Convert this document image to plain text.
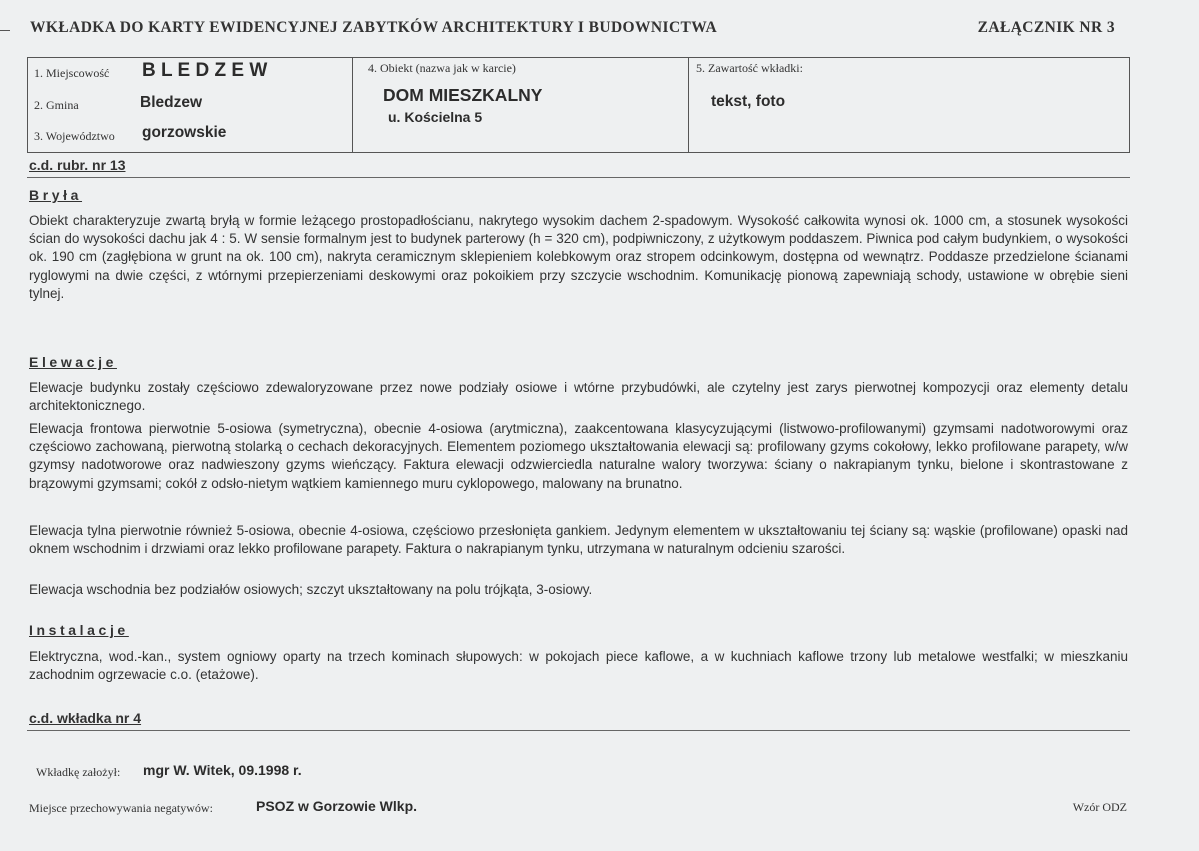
WKŁADKA DO KARTY EWIDENCYJNEJ ZABYTKÓW ARCHITEKTURY I BUDOWNICTWA	ZAŁĄCZNIK NR 3
1. Miejscowość B L E D Z E W
2. Gmina	Bledzew
3. Województwo gorzowskie
4. Obiekt (nazwa jak w karcie)
DOM MIESZKALNY
u. Kościelna 5
5. Zawartość wkładki:
tekst, foto
c.d. rubr. nr 13
Bryła

Obiekt charakteryzuje zwartą bryłą w formie leżącego prostopadłościanu, nakrytego wysokim dachem 2-spadowym. Wysokość całkowita wynosi ok. 1000 cm, a stosunek wysokości ścian do wysokości dachu jak 4 : 5. W sensie formalnym jest to budynek parterowy (h = 320 cm), podpiwniczony, z użytkowym poddaszem. Piwnica pod całym budynkiem, o wysokości ok. 190 cm (zagłębiona w grunt na ok. 100 cm), nakryta ceramicznym sklepieniem kolebkowym oraz stropem odcinkowym, dostępna od wewnątrz. Poddasze przedzielone ścianami ryglowymi na dwie części, z wtórnymi przepierzeniami deskowymi oraz pokoikiem przy szczycie wschodnim. Komunikację pionową zapewniają schody, ustawione w obrębie sieni tylnej.

Elewacje

Elewacje budynku zostały częściowo zdewaloryzowane przez nowe podziały osiowe i wtórne przybudówki, ale czytelny jest zarys pierwotnej kompozycji oraz elementy detalu architektonicznego.

Elewacja frontowa pierwotnie 5-osiowa (symetryczna), obecnie 4-osiowa (arytmiczna), zaakcentowana klasycyzującymi (listwowo-profilowanymi) gzymsami nadotworowymi oraz częściowo zachowaną, pierwotną stolarką o cechach dekoracyjnych. Elementem poziomego ukształtowania elewacji są: profilowany gzyms cokołowy, lekko profilowane parapety, w/w gzymsy nadotworowe oraz nadwieszony gzyms wieńczący. Faktura elewacji odzwierciedla naturalne walory tworzywa: ściany o nakrapianym tynku, bielone i skontrastowane z brązowymi gzymsami; cokół z odsło-nietym wątkiem kamiennego muru cyklopowego, malowany na brunatno.

Elewacja tylna pierwotnie również 5-osiowa, obecnie 4-osiowa, częściowo przesłonięta gankiem. Jedynym elementem w ukształtowaniu tej ściany są: wąskie (profilowane) opaski nad oknem wschodnim i drzwiami oraz lekko profilowane parapety. Faktura o nakrapianym tynku, utrzymana w naturalnym odcieniu szarości.

Elewacja wschodnia bez podziałów osiowych; szczyt ukształtowany na polu trójkąta, 3-osiowy.

Instalacje

Elektryczna, wod.-kan., system ogniowy oparty na trzech kominach słupowych: w pokojach piece kaflowe, a w kuchniach kaflowe trzony lub metalowe westfalki; w mieszkaniu zachodnim ogrzewacie c.o. (etażowe).

c.d. wkładka nr 4
Wkładkę założył: mgr W. Witek, 09.1998 r.
Miejsce przechowywania negatywów:	PSOZ w Gorzowie Wlkp.	Wzór ODZ
